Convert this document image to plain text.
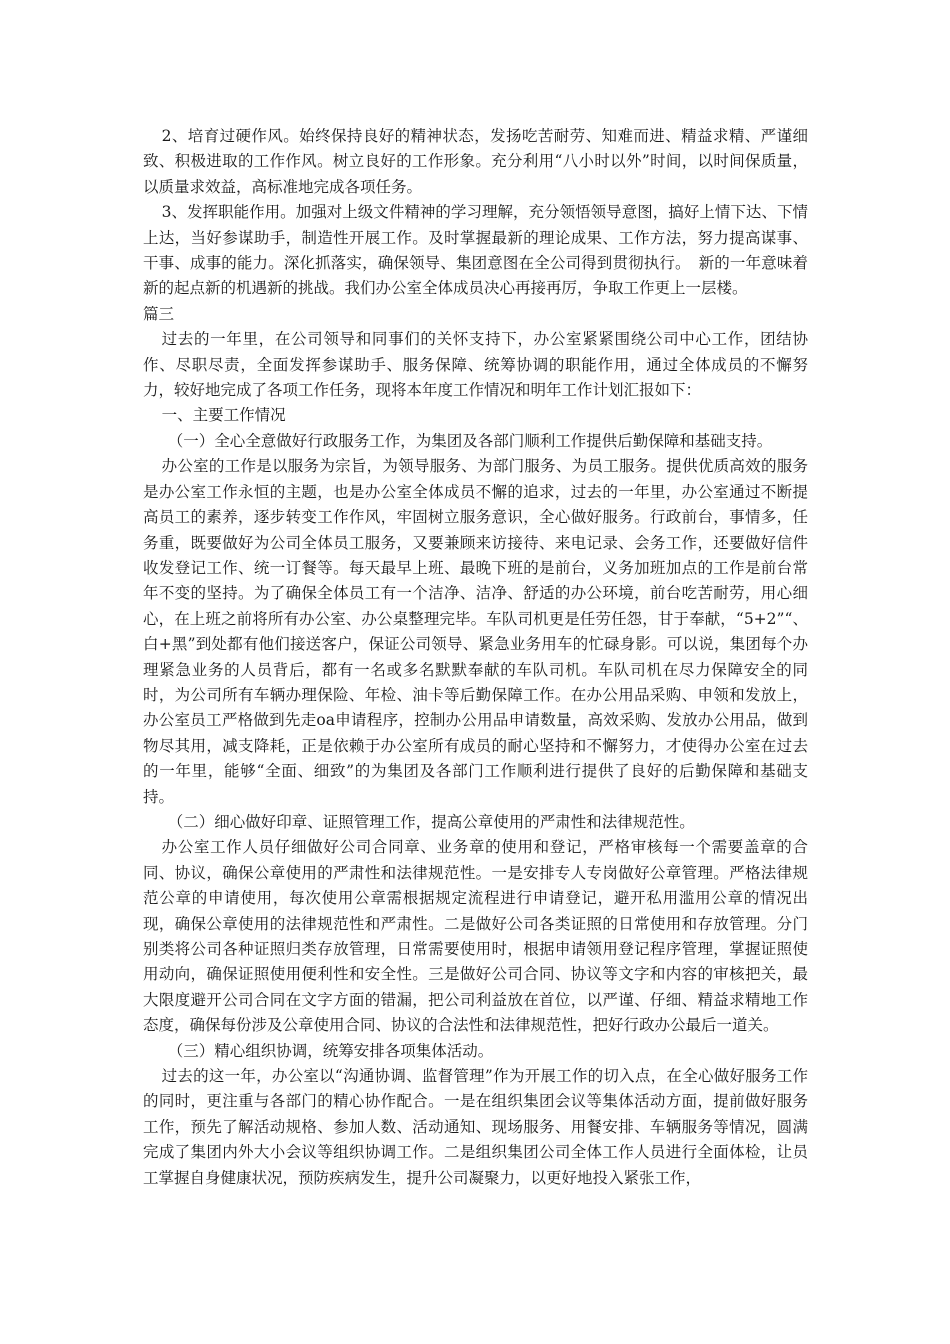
2、培育过硬作风。始终保持良好的精神状态，发扬吃苦耐劳、知难而进、精益求精、严谨细致、积极进取的工作作风。树立良好的工作形象。充分利用“八小时以外”时间，以时间保质量，以质量求效益，高标准地完成各项任务。

3、发挥职能作用。加强对上级文件精神的学习理解，充分领悟领导意图，搞好上情下达、下情上达，当好参谋助手，制造性开展工作。及时掌握最新的理论成果、工作方法，努力提高谋事、干事、成事的能力。深化抓落实，确保领导、集团意图在全公司得到贯彻执行。　新的一年意味着新的起点新的机遇新的挑战。我们办公室全体成员决心再接再厉，争取工作更上一层楼。

篇三

过去的一年里，在公司领导和同事们的关怀支持下，办公室紧紧围绕公司中心工作，团结协作、尽职尽责，全面发挥参谋助手、服务保障、统筹协调的职能作用，通过全体成员的不懈努力，较好地完成了各项工作任务，现将本年度工作情况和明年工作计划汇报如下：

一、主要工作情况

（一）全心全意做好行政服务工作，为集团及各部门顺利工作提供后勤保障和基础支持。

办公室的工作是以服务为宗旨，为领导服务、为部门服务、为员工服务。提供优质高效的服务是办公室工作永恒的主题，也是办公室全体成员不懈的追求，过去的一年里，办公室通过不断提高员工的素养，逐步转变工作作风，牢固树立服务意识，全心做好服务。行政前台，事情多，任务重，既要做好为公司全体员工服务，又要兼顾来访接待、来电记录、会务工作，还要做好信件收发登记工作、统一订餐等。每天最早上班、最晚下班的是前台，义务加班加点的工作是前台常年不变的坚持。为了确保全体员工有一个洁净、洁净、舒适的办公环境，前台吃苦耐劳，用心细心，在上班之前将所有办公室、办公桌整理完毕。车队司机更是任劳任怨，甘于奉献，“5+2”“、白+黑”到处都有他们接送客户，保证公司领导、紧急业务用车的忙碌身影。可以说，集团每个办理紧急业务的人员背后，都有一名或多名默默奉献的车队司机。车队司机在尽力保障安全的同时，为公司所有车辆办理保险、年检、油卡等后勤保障工作。在办公用品采购、申领和发放上，办公室员工严格做到先走oa申请程序，控制办公用品申请数量，高效采购、发放办公用品，做到物尽其用，减支降耗，正是依赖于办公室所有成员的耐心坚持和不懈努力，才使得办公室在过去的一年里，能够“全面、细致”的为集团及各部门工作顺利进行提供了良好的后勤保障和基础支持。

（二）细心做好印章、证照管理工作，提高公章使用的严肃性和法律规范性。

办公室工作人员仔细做好公司合同章、业务章的使用和登记，严格审核每一个需要盖章的合同、协议，确保公章使用的严肃性和法律规范性。一是安排专人专岗做好公章管理。严格法律规范公章的申请使用，每次使用公章需根据规定流程进行申请登记，避开私用滥用公章的情况出现，确保公章使用的法律规范性和严肃性。二是做好公司各类证照的日常使用和存放管理。分门别类将公司各种证照归类存放管理，日常需要使用时，根据申请领用登记程序管理，掌握证照使用动向，确保证照使用便利性和安全性。三是做好公司合同、协议等文字和内容的审核把关，最大限度避开公司合同在文字方面的错漏，把公司利益放在首位，以严谨、仔细、精益求精地工作态度，确保每份涉及公章使用合同、协议的合法性和法律规范性，把好行政办公最后一道关。

（三）精心组织协调，统筹安排各项集体活动。

过去的这一年，办公室以“沟通协调、监督管理”作为开展工作的切入点，在全心做好服务工作的同时，更注重与各部门的精心协作配合。一是在组织集团会议等集体活动方面，提前做好服务工作，预先了解活动规格、参加人数、活动通知、现场服务、用餐安排、车辆服务等情况，圆满完成了集团内外大小会议等组织协调工作。二是组织集团公司全体工作人员进行全面体检，让员工掌握自身健康状况，预防疾病发生，提升公司凝聚力，以更好地投入紧张工作，
